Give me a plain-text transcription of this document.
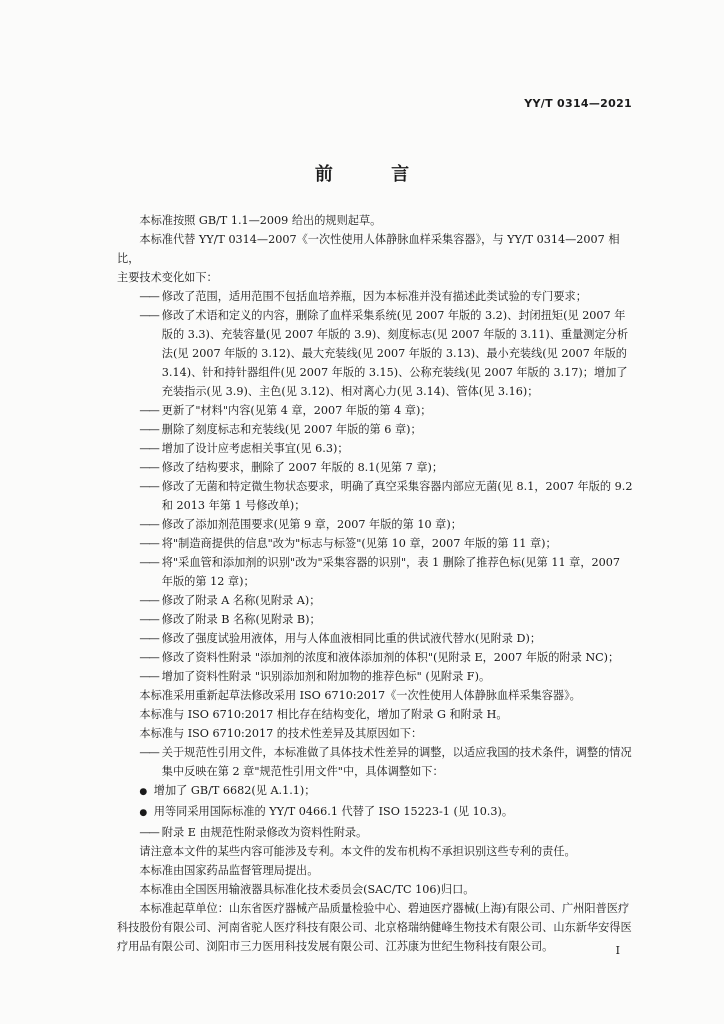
YY/T 0314—2021
前 言

本标准按照 GB/T 1.1—2009 给出的规则起草。

本标准代替 YY/T 0314—2007《一次性使用人体静脉血样采集容器》，与 YY/T 0314—2007 相比，

主要技术变化如下：

—— 修改了范围，适用范围不包括血培养瓶，因为本标准并没有描述此类试验的专门要求；

—— 修改了术语和定义的内容，删除了血样采集系统(见 2007 年版的 3.2)、封闭扭矩(见 2007 年版的 3.3)、充装容量(见 2007 年版的 3.9)、刻度标志(见 2007 年版的 3.11)、重量测定分析法(见 2007 年版的 3.12)、最大充装线(见 2007 年版的 3.13)、最小充装线(见 2007 年版的 3.14)、针和持针器组件(见 2007 年版的 3.15)、公称充装线(见 2007 年版的 3.17)；增加了充装指示(见 3.9)、主色(见 3.12)、相对离心力(见 3.14)、管体(见 3.16)；

—— 更新了"材料"内容(见第 4 章，2007 年版的第 4 章)；

—— 删除了刻度标志和充装线(见 2007 年版的第 6 章)；

—— 增加了设计应考虑相关事宜(见 6.3)；

—— 修改了结构要求，删除了 2007 年版的 8.1(见第 7 章)；

—— 修改了无菌和特定微生物状态要求，明确了真空采集容器内部应无菌(见 8.1，2007 年版的 9.2 和 2013 年第 1 号修改单)；

—— 修改了添加剂范围要求(见第 9 章，2007 年版的第 10 章)；

—— 将"制造商提供的信息"改为"标志与标签"(见第 10 章，2007 年版的第 11 章)；

—— 将"采血管和添加剂的识别"改为"采集容器的识别"，表 1 删除了推荐色标(见第 11 章，2007 年版的第 12 章)；

—— 修改了附录 A 名称(见附录 A)；

—— 修改了附录 B 名称(见附录 B)；

—— 修改了强度试验用液体，用与人体血液相同比重的供试液代替水(见附录 D)；

—— 修改了资料性附录 "添加剂的浓度和液体添加剂的体积"(见附录 E，2007 年版的附录 NC)；

—— 增加了资料性附录 "识别添加剂和附加物的推荐色标" (见附录 F)。

本标准采用重新起草法修改采用 ISO 6710:2017《一次性使用人体静脉血样采集容器》。

本标准与 ISO 6710:2017 相比存在结构变化，增加了附录 G 和附录 H。

本标准与 ISO 6710:2017 的技术性差异及其原因如下：

—— 关于规范性引用文件，本标准做了具体技术性差异的调整，以适应我国的技术条件，调整的情况集中反映在第 2 章"规范性引用文件"中，具体调整如下：

● 增加了 GB/T 6682(见 A.1.1)；

● 用等同采用国际标准的 YY/T 0466.1 代替了 ISO 15223-1 (见 10.3)。

—— 附录 E 由规范性附录修改为资料性附录。

请注意本文件的某些内容可能涉及专利。本文件的发布机构不承担识别这些专利的责任。

本标准由国家药品监督管理局提出。

本标准由全国医用输液器具标准化技术委员会(SAC/TC 106)归口。

本标准起草单位：山东省医疗器械产品质量检验中心、碧迪医疗器械(上海)有限公司、广州阳普医疗科技股份有限公司、河南省驼人医疗科技有限公司、北京格瑞纳健峰生物技术有限公司、山东新华安得医疗用品有限公司、浏阳市三力医用科技发展有限公司、江苏康为世纪生物科技有限公司。	I
